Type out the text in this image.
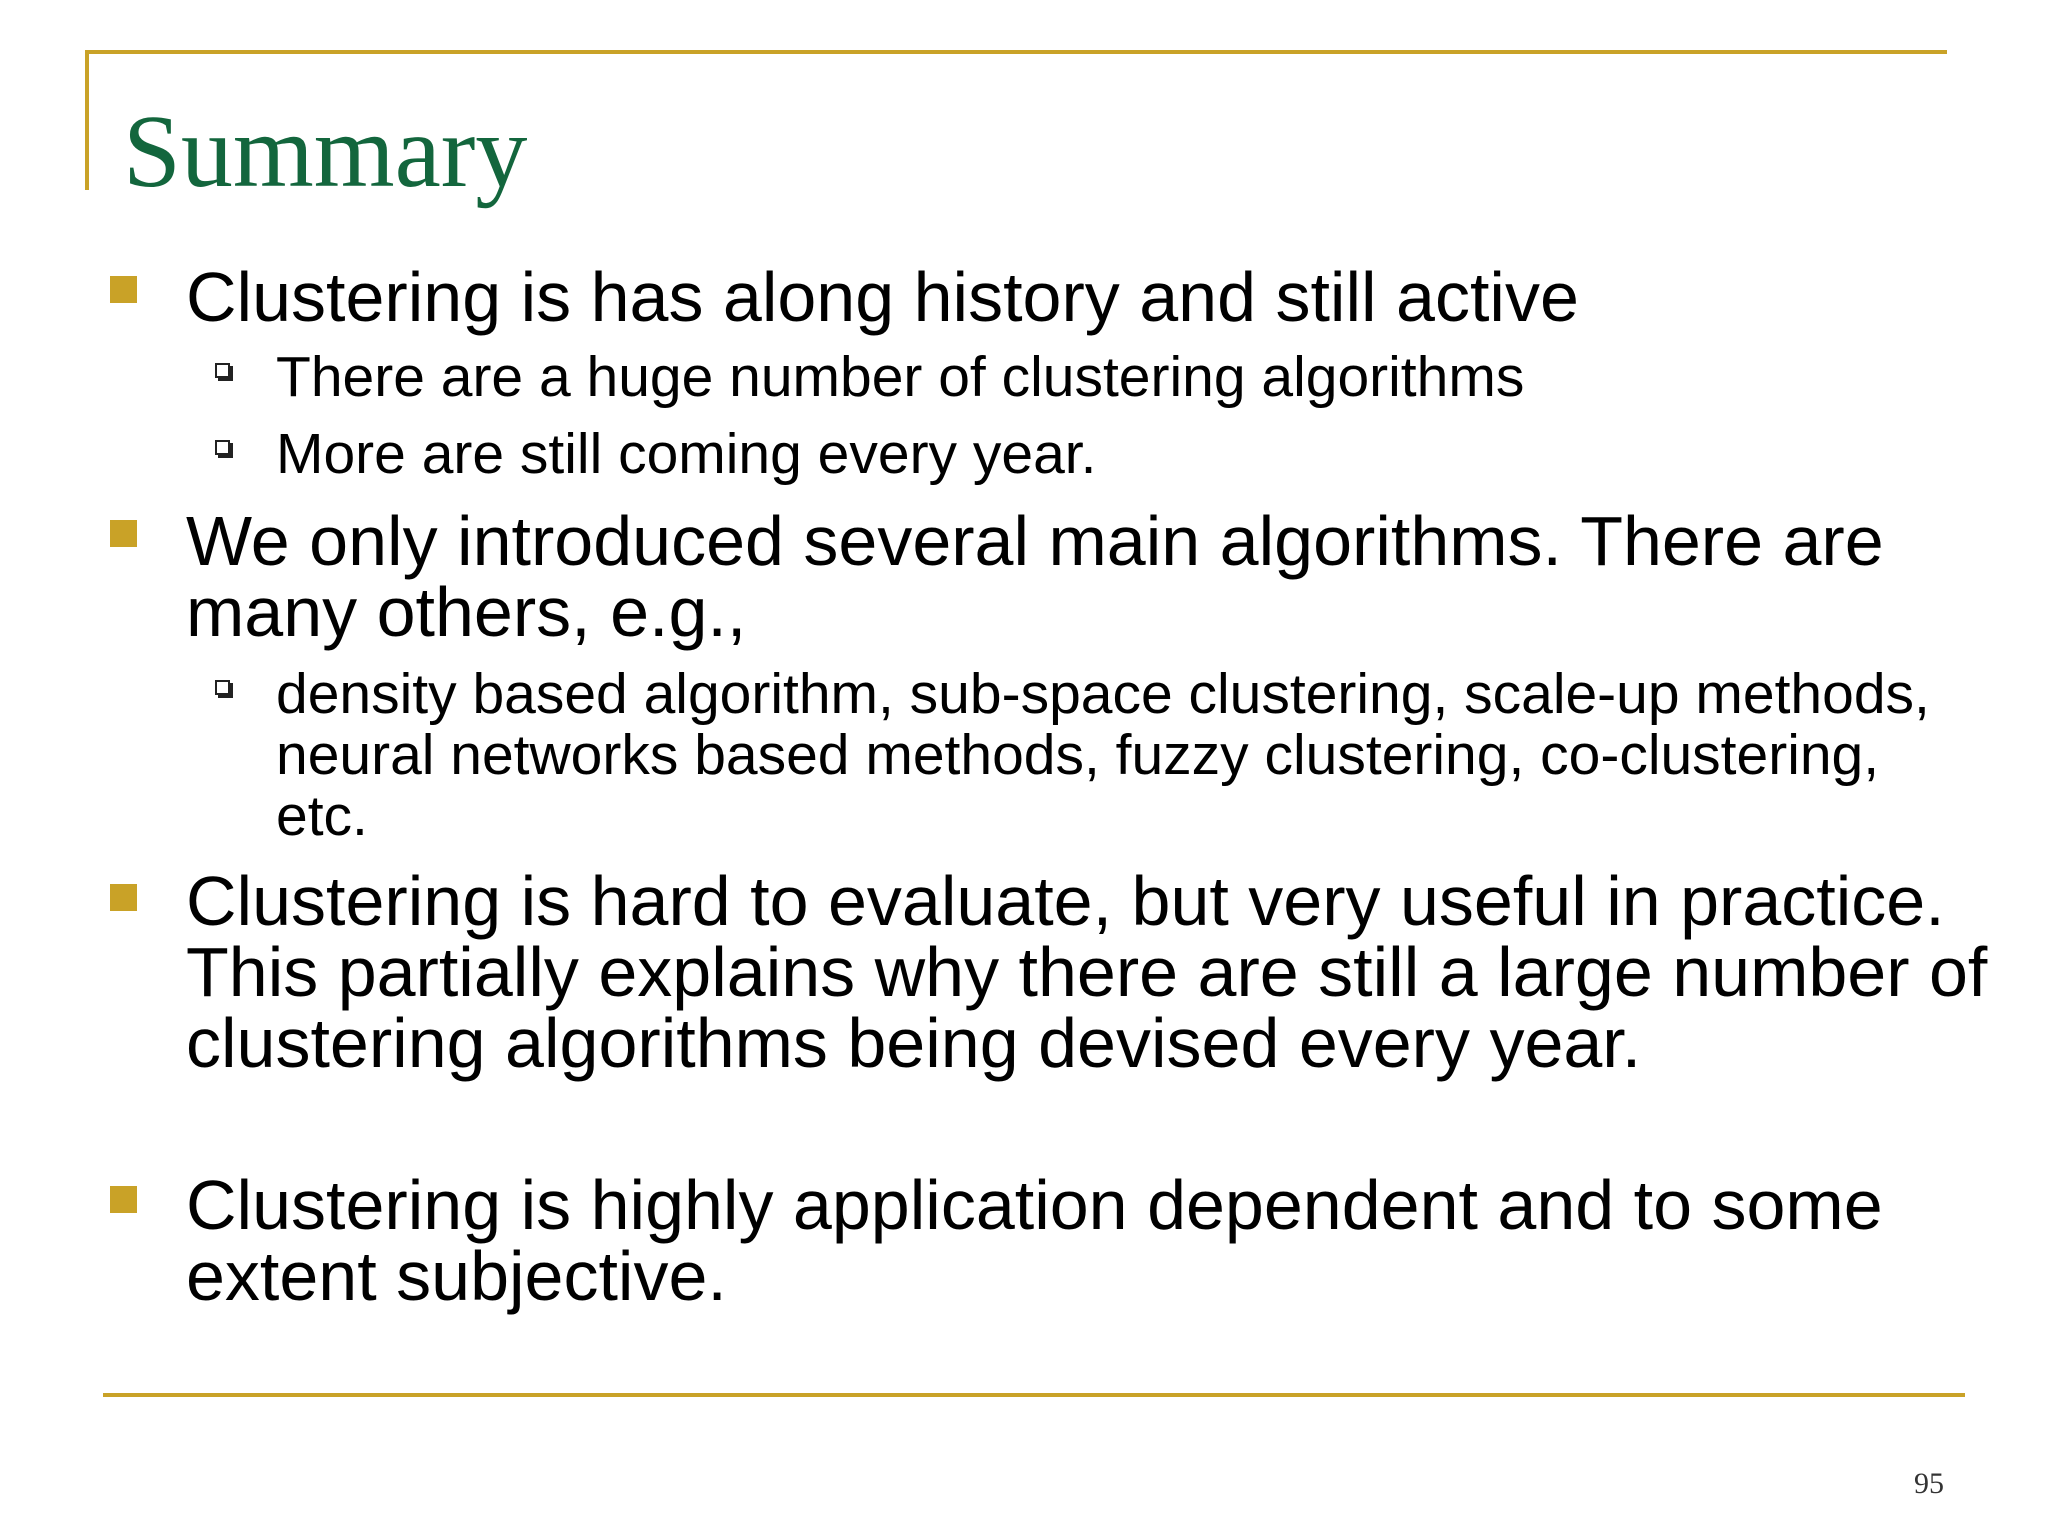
Summary
Clustering is has along history and still active
There are a huge number of clustering algorithms
More are still coming every year.
We only introduced several main algorithms. There are many others, e.g.,
density based algorithm, sub-space clustering, scale-up methods, neural networks based methods, fuzzy clustering, co-clustering, etc.
Clustering is hard to evaluate, but very useful in practice. This partially explains why there are still a large number of clustering algorithms being devised every year.
Clustering is highly application dependent and to some extent subjective.
95
